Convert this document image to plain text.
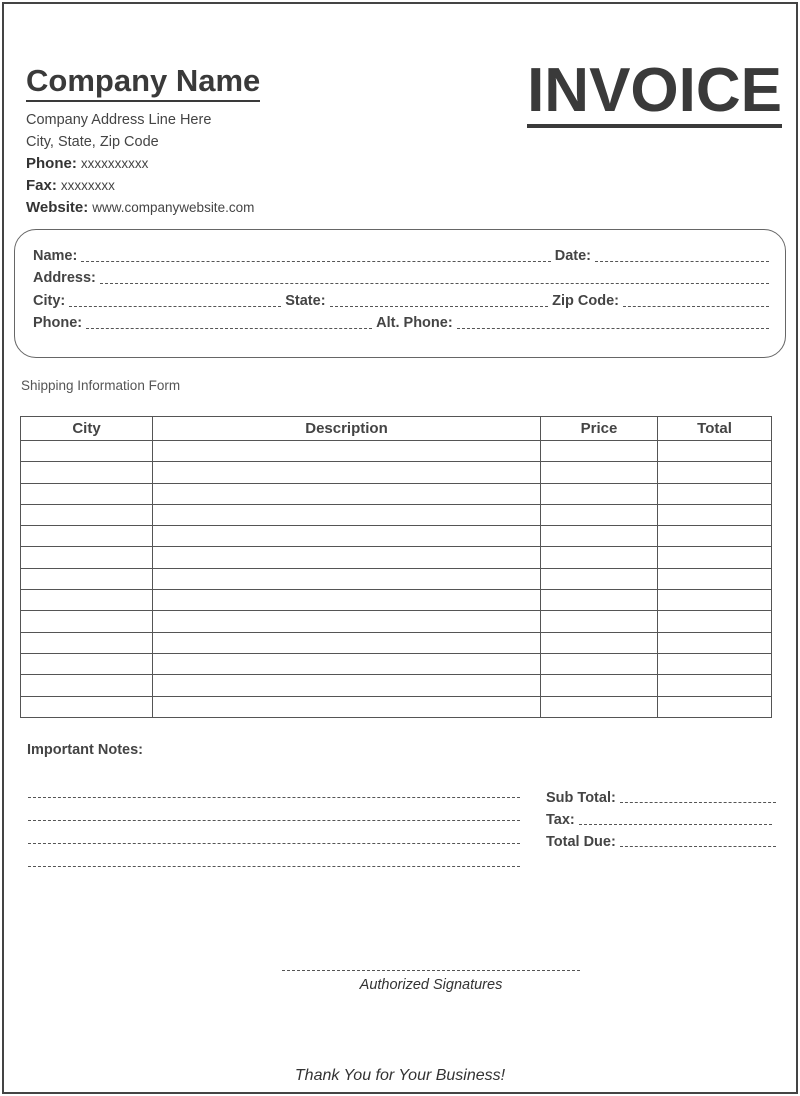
Company Name	INVOICE
Company Address Line Here
City, State, Zip Code
Phone: xxxxxxxxxx
Fax: xxxxxxxx
Website: www.companywebsite.com
Name:	Date:
Address:
City:	State:	Zip Code:
Phone:	Alt. Phone:
Shipping Information Form
City	Description	Price	Total

Important Notes:
Sub Total:
Tax:
Total Due:
Authorized Signatures
Thank You for Your Business!
